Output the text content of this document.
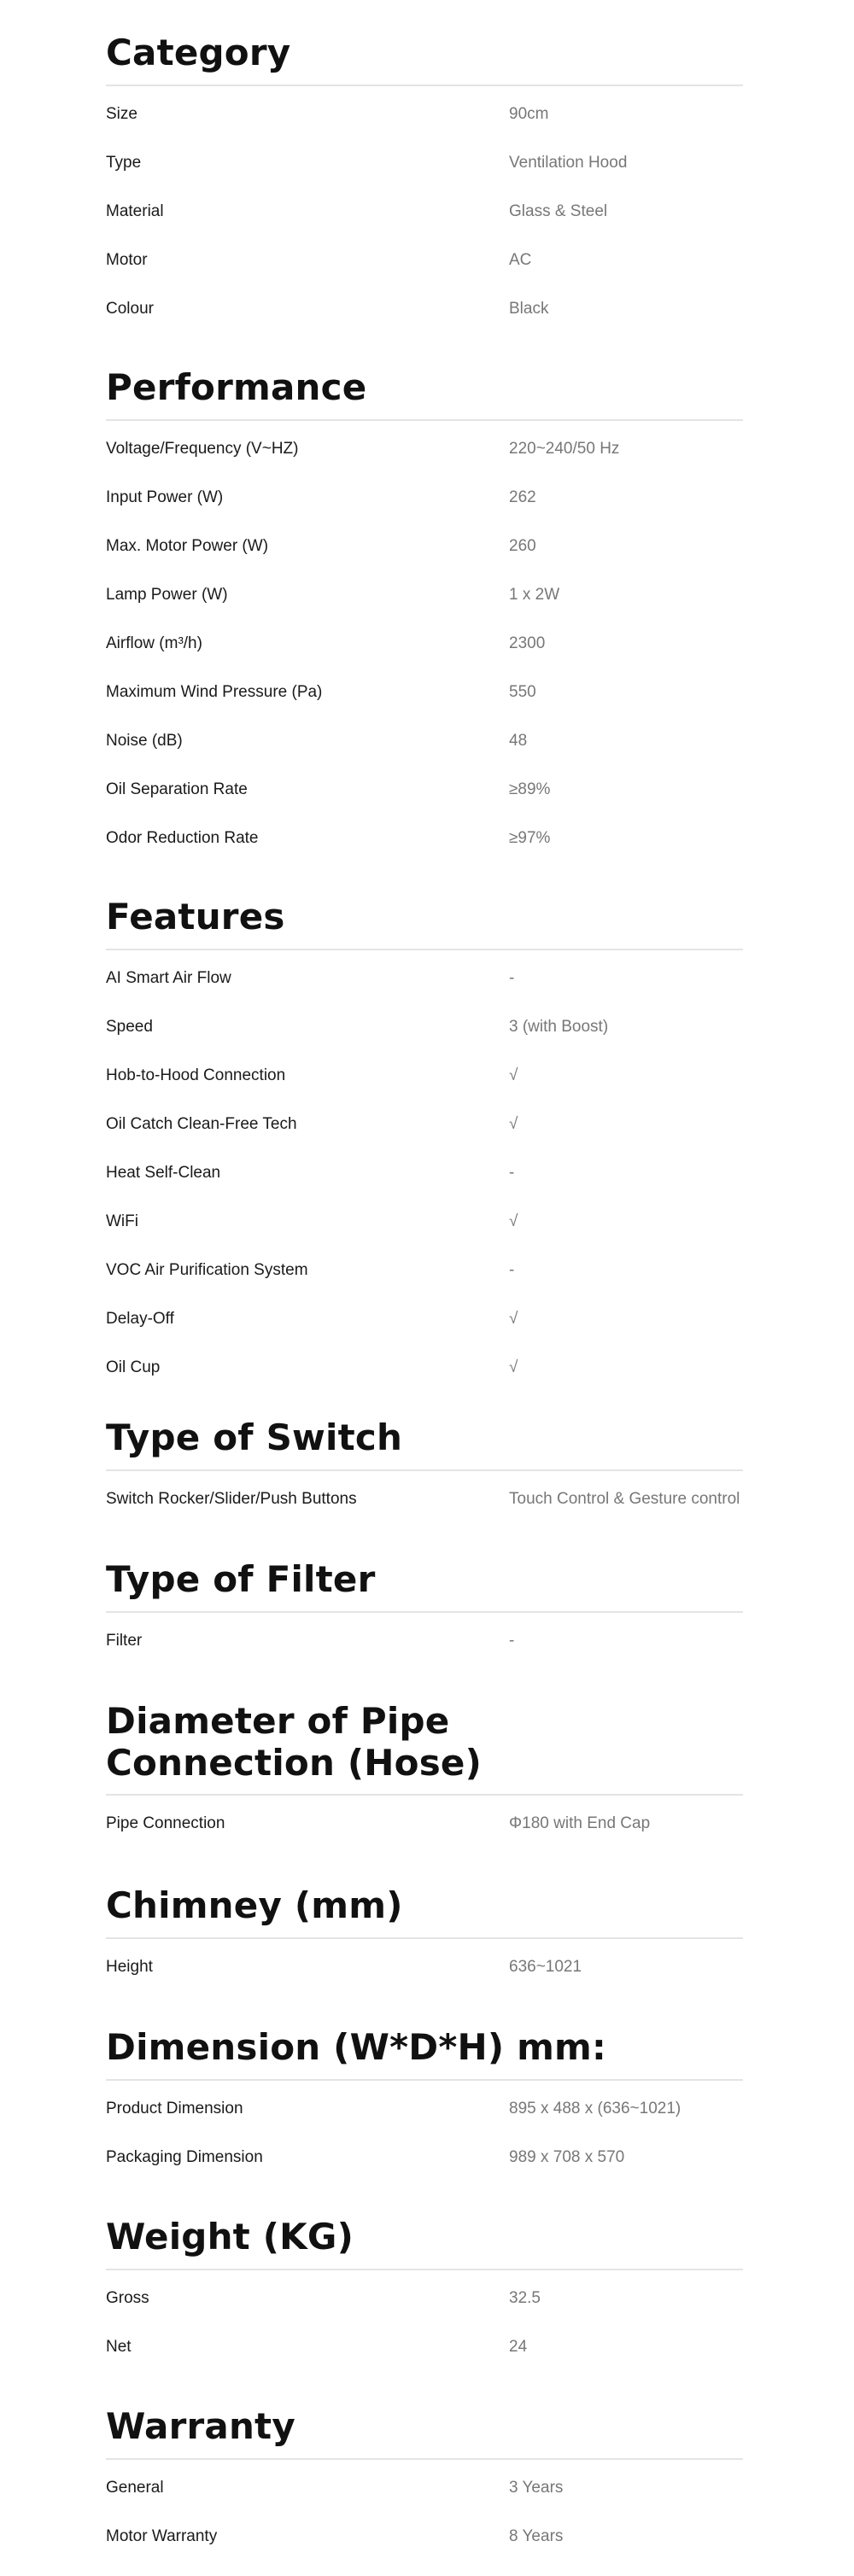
Category
Size	90cm
Type	Ventilation Hood
Material	Glass & Steel
Motor	AC
Colour	Black
Performance
Voltage/Frequency (V~HZ)	220~240/50 Hz
Input Power (W)	262
Max. Motor Power (W)	260
Lamp Power (W)	1 x 2W
Airflow (m³/h)	2300
Maximum Wind Pressure (Pa)	550
Noise (dB)	48
Oil Separation Rate	≥89%
Odor Reduction Rate	≥97%
Features
AI Smart Air Flow	-
Speed	3 (with Boost)
Hob-to-Hood Connection	√
Oil Catch Clean-Free Tech	√
Heat Self-Clean	-
WiFi	√
VOC Air Purification System	-
Delay-Off	√
Oil Cup	√
Type of Switch
Switch Rocker/Slider/Push Buttons	Touch Control & Gesture control
Type of Filter
Filter	-
Diameter of Pipe Connection (Hose)
Pipe Connection	Φ180 with End Cap
Chimney (mm)
Height	636~1021
Dimension (W*D*H) mm:
Product Dimension	895 x 488 x (636~1021)
Packaging Dimension	989 x 708 x 570
Weight (KG)
Gross	32.5
Net	24
Warranty
General	3 Years
Motor Warranty	8 Years
